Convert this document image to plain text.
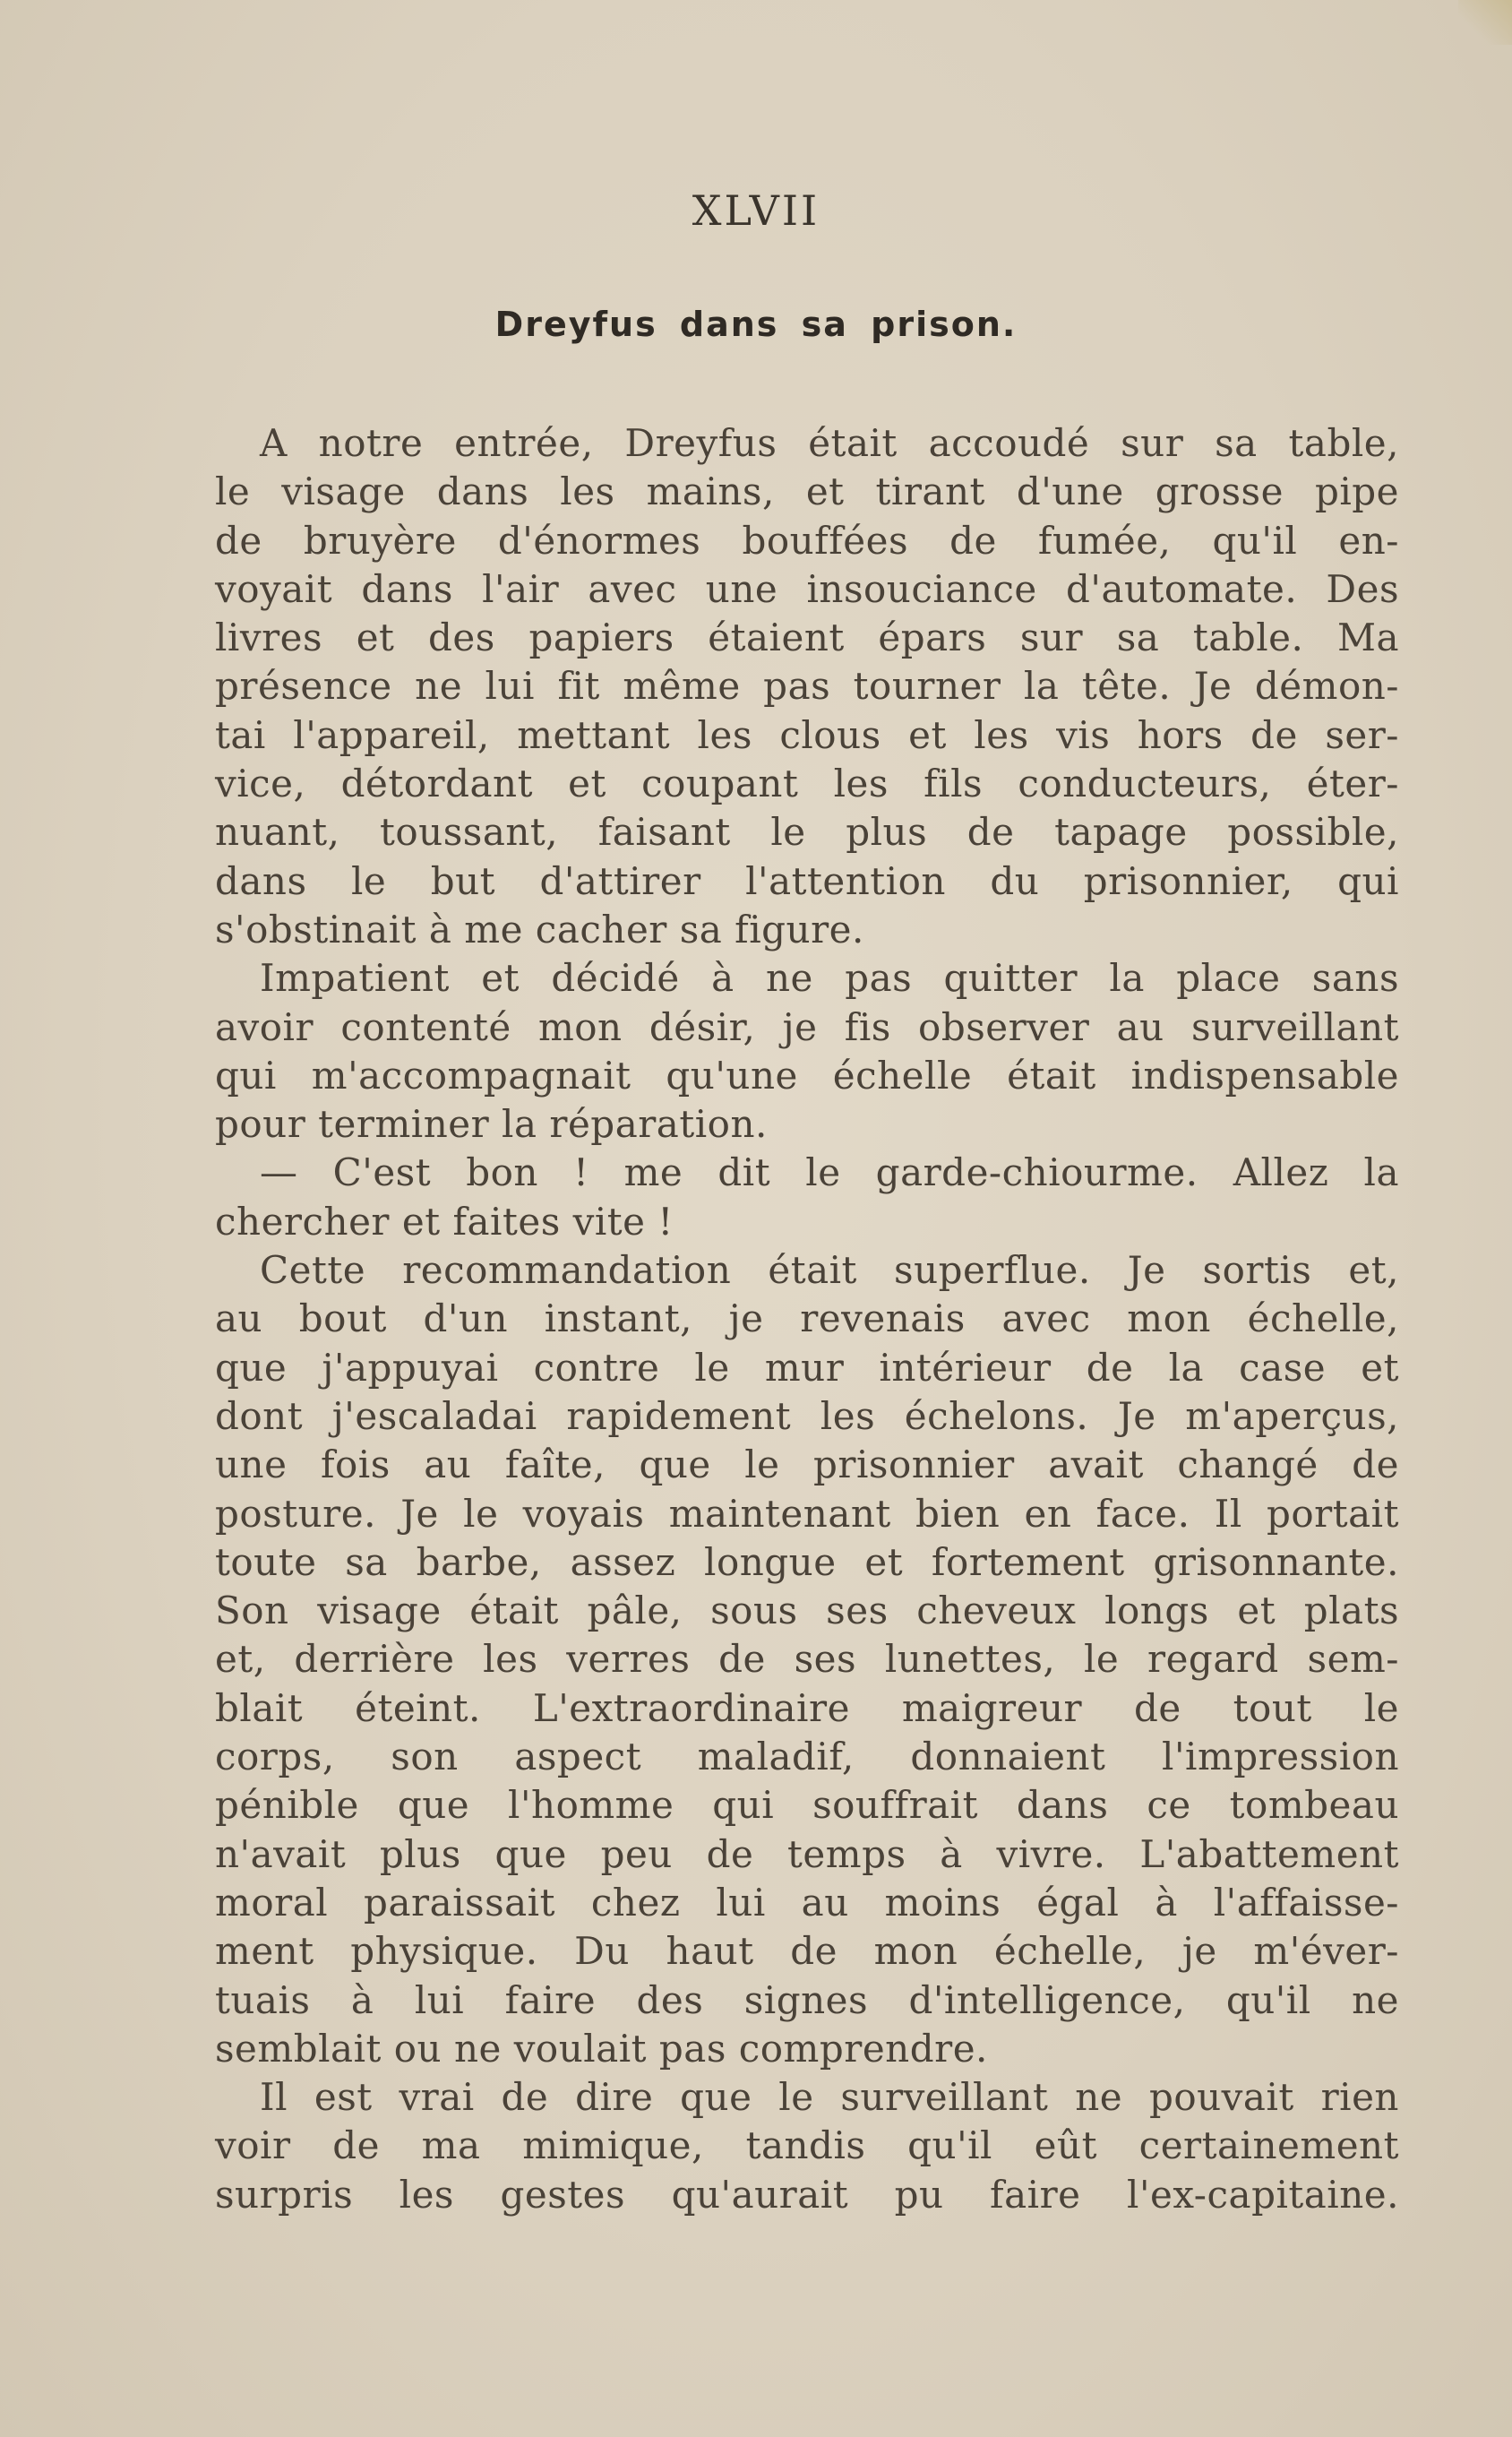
XLVII
Dreyfus dans sa prison.
A notre entrée, Dreyfus était accoudé sur sa table,
le visage dans les mains, et tirant d'une grosse pipe
de bruyère d'énormes bouffées de fumée, qu'il en-
voyait dans l'air avec une insouciance d'automate. Des
livres et des papiers étaient épars sur sa table. Ma
présence ne lui fit même pas tourner la tête. Je démon-
tai l'appareil, mettant les clous et les vis hors de ser-
vice, détordant et coupant les fils conducteurs, éter-
nuant, toussant, faisant le plus de tapage possible,
dans le but d'attirer l'attention du prisonnier, qui
s'obstinait à me cacher sa figure.
Impatient et décidé à ne pas quitter la place sans
avoir contenté mon désir, je fis observer au surveillant
qui m'accompagnait qu'une échelle était indispensable
pour terminer la réparation.
— C'est bon ! me dit le garde-chiourme. Allez la
chercher et faites vite !
Cette recommandation était superflue. Je sortis et,
au bout d'un instant, je revenais avec mon échelle,
que j'appuyai contre le mur intérieur de la case et
dont j'escaladai rapidement les échelons. Je m'aperçus,
une fois au faîte, que le prisonnier avait changé de
posture. Je le voyais maintenant bien en face. Il portait
toute sa barbe, assez longue et fortement grisonnante.
Son visage était pâle, sous ses cheveux longs et plats
et, derrière les verres de ses lunettes, le regard sem-
blait éteint. L'extraordinaire maigreur de tout le
corps, son aspect maladif, donnaient l'impression
pénible que l'homme qui souffrait dans ce tombeau
n'avait plus que peu de temps à vivre. L'abattement
moral paraissait chez lui au moins égal à l'affaisse-
ment physique. Du haut de mon échelle, je m'éver-
tuais à lui faire des signes d'intelligence, qu'il ne
semblait ou ne voulait pas comprendre.
Il est vrai de dire que le surveillant ne pouvait rien
voir de ma mimique, tandis qu'il eût certainement
surpris les gestes qu'aurait pu faire l'ex-capitaine.
